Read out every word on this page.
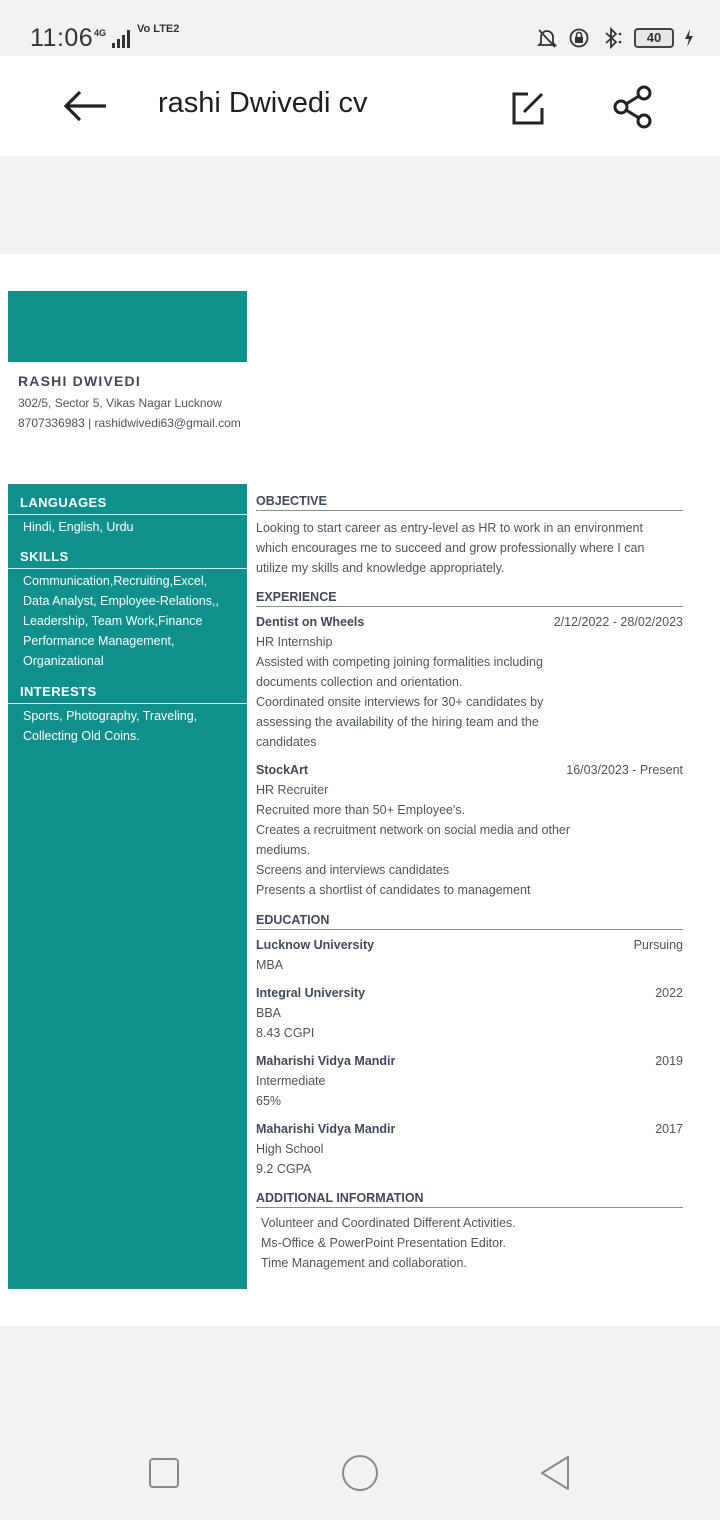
11:06 4G	Vo LTE2
40
rashi Dwivedi cv
RASHI DWIVEDI
302/5, Sector 5, Vikas Nagar Lucknow
8707336983 | rashidwivedi63@gmail.com
LANGUAGES
Hindi, English, Urdu
SKILLS
Communication,Recruiting,Excel,
Data Analyst, Employee-Relations,,
Leadership, Team Work,Finance
Performance Management,
Organizational
INTERESTS
Sports, Photography, Traveling,
Collecting Old Coins.
OBJECTIVE
Looking to start career as entry-level as HR to work in an environment
which encourages me to succeed and grow professionally where I can
utilize my skills and knowledge appropriately.
EXPERIENCE
Dentist on Wheels	2/12/2022 - 28/02/2023
HR Internship
Assisted with competing joining formalities including
documents collection and orientation.
Coordinated onsite interviews for 30+ candidates by
assessing the availability of the hiring team and the
candidates
StockArt	16/03/2023 - Present
HR Recruiter
Recruited more than 50+ Employee's.
Creates a recruitment network on social media and other
mediums.
Screens and interviews candidates
Presents a shortlist of candidates to management
EDUCATION
Lucknow University	Pursuing
MBA
Integral University	2022
BBA
8.43 CGPI
Maharishi Vidya Mandir	2019
Intermediate
65%
Maharishi Vidya Mandir	2017
High School
9.2 CGPA
ADDITIONAL INFORMATION
Volunteer and Coordinated Different Activities.
Ms-Office & PowerPoint Presentation Editor.
Time Management and collaboration.
